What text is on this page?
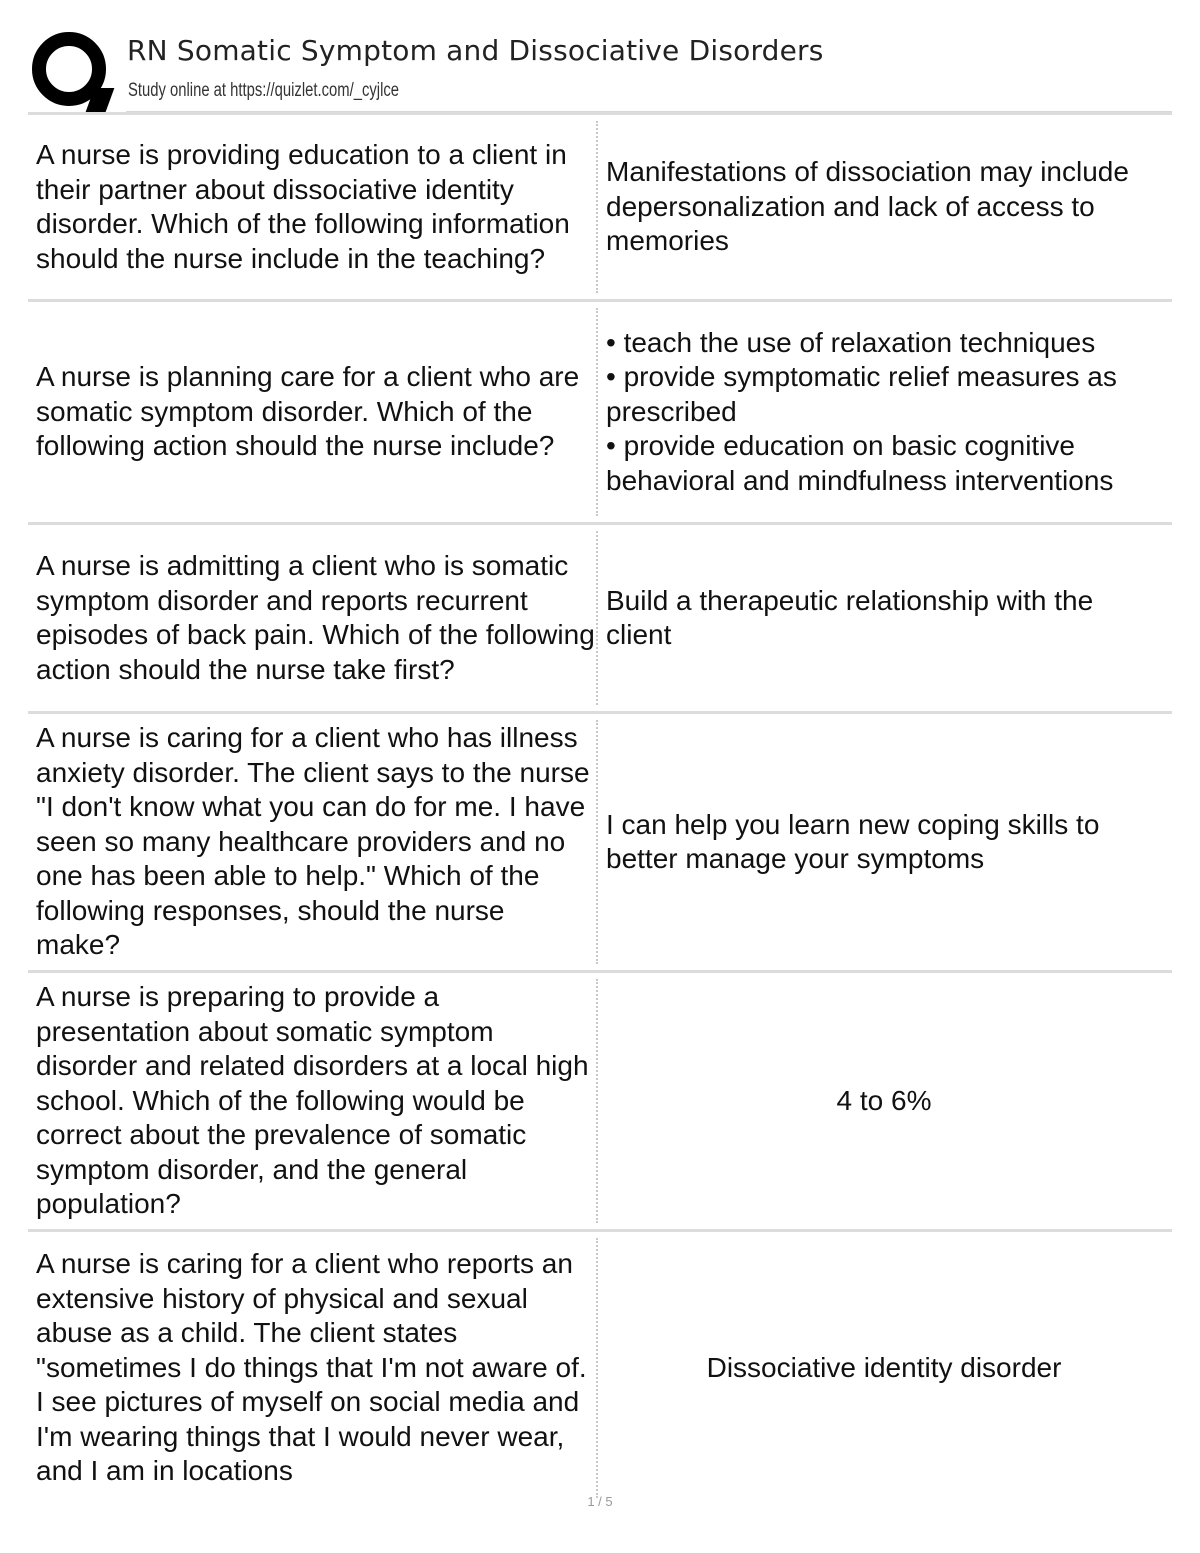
RN Somatic Symptom and Dissociative Disorders
Study online at https://quizlet.com/_cyjlce
A nurse is providing education to a client in their partner about dissociative identity disorder. Which of the following information should the nurse include in the teaching?
Manifestations of dissociation may include depersonalization and lack of access to memories
A nurse is planning care for a client who are somatic symptom disorder. Which of the following action should the nurse include?
• teach the use of relaxation techniques
• provide symptomatic relief measures as prescribed
• provide education on basic cognitive behavioral and mindfulness interventions
A nurse is admitting a client who is somatic symptom disorder and reports recurrent episodes of back pain. Which of the following action should the nurse take first?
Build a therapeutic relationship with the client
A nurse is caring for a client who has illness anxiety disorder. The client says to the nurse "I don't know what you can do for me. I have seen so many healthcare providers and no one has been able to help." Which of the following responses, should the nurse make?
I can help you learn new coping skills to better manage your symptoms
A nurse is preparing to provide a presentation about somatic symptom disorder and related disorders at a local high school. Which of the following would be correct about the prevalence of somatic symptom disorder, and the general population?
4 to 6%
A nurse is caring for a client who reports an extensive history of physical and sexual abuse as a child. The client states "sometimes I do things that I'm not aware of. I see pictures of myself on social media and I'm wearing things that I would never wear, and I am in locations
Dissociative identity disorder
1 / 5
